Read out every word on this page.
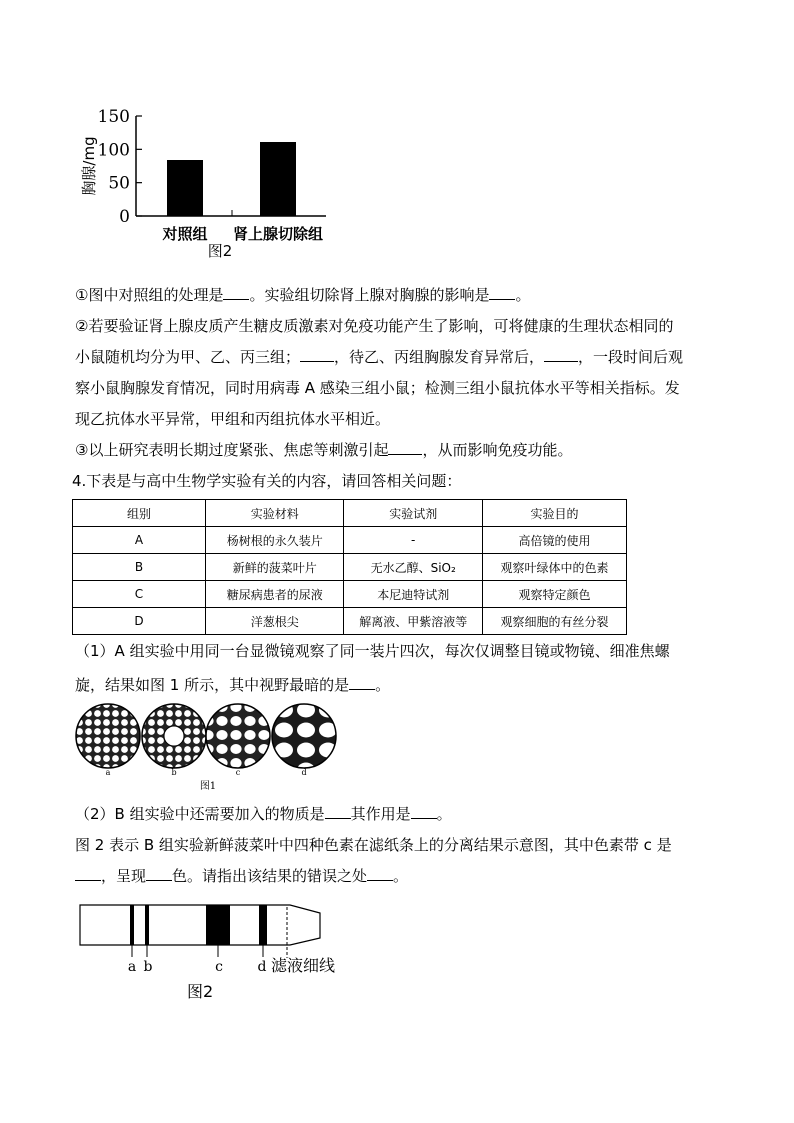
150
100
50
0
胸腺/mg
对照组 肾上腺切除组
图2
①图中对照组的处理是 。实验组切除肾上腺对胸腺的影响是 。
②若要验证肾上腺皮质产生糖皮质激素对免疫功能产生了影响，可将健康的生理状态相同的
小鼠随机均分为甲、乙、丙三组； ，待乙、丙组胸腺发育异常后， ，一段时间后观
察小鼠胸腺发育情况，同时用病毒 A 感染三组小鼠；检测三组小鼠抗体水平等相关指标。发
现乙抗体水平异常，甲组和丙组抗体水平相近。
③以上研究表明长期过度紧张、焦虑等刺激引起 ，从而影响免疫功能。
4.下表是与高中生物学实验有关的内容，请回答相关问题：
组别	实验材料	实验试剂	实验目的
A	杨树根的永久装片	-	高倍镜的使用
B	新鲜的菠菜叶片	无水乙醇、SiO₂	观察叶绿体中的色素
C	糖尿病患者的尿液	本尼迪特试剂	观察特定颜色
D	洋葱根尖	解离液、甲紫溶液等	观察细胞的有丝分裂
（1）A 组实验中用同一台显微镜观察了同一装片四次，每次仅调整目镜或物镜、细准焦螺
旋，结果如图 1 所示，其中视野最暗的是 。
a	b	c	d
图1
（2）B 组实验中还需要加入的物质是 其作用是 。
图 2 表示 B 组实验新鲜菠菜叶中四种色素在滤纸条上的分离结果示意图，其中色素带 c 是
，呈现 色。请指出该结果的错误之处 。
a b	c d 滤液细线
图2
